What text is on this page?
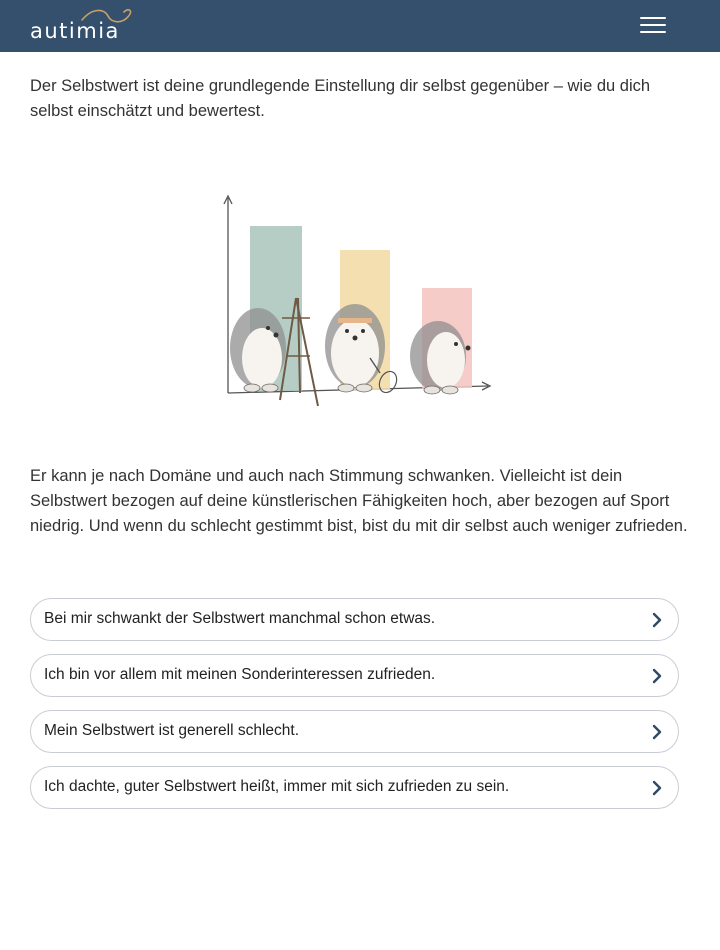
autimia

Der Selbstwert ist deine grundlegende Einstellung dir selbst gegenüber – wie du dich selbst einschätzt und bewertest.

Er kann je nach Domäne und auch nach Stimmung schwanken. Vielleicht ist dein Selbstwert bezogen auf deine künstlerischen Fähigkeiten hoch, aber bezogen auf Sport niedrig. Und wenn du schlecht gestimmt bist, bist du mit dir selbst auch weniger zufrieden.

Bei mir schwankt der Selbstwert manchmal schon etwas.
Ich bin vor allem mit meinen Sonderinteressen zufrieden.
Mein Selbstwert ist generell schlecht.
Ich dachte, guter Selbstwert heißt, immer mit sich zufrieden zu sein.
